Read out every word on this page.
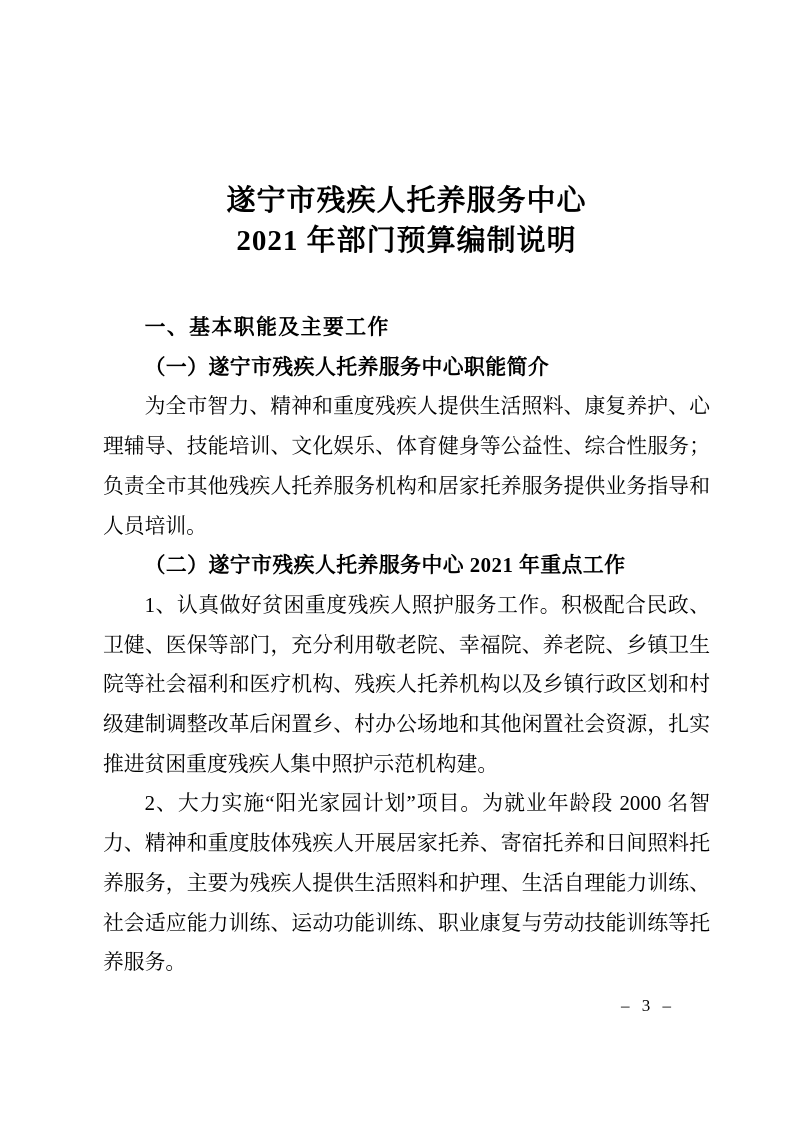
遂宁市残疾人托养服务中心
2021 年部门预算编制说明
一、基本职能及主要工作
（一）遂宁市残疾人托养服务中心职能简介

为全市智力、精神和重度残疾人提供生活照料、康复养护、心理辅导、技能培训、文化娱乐、体育健身等公益性、综合性服务；负责全市其他残疾人托养服务机构和居家托养服务提供业务指导和人员培训。

（二）遂宁市残疾人托养服务中心 2021 年重点工作

1、认真做好贫困重度残疾人照护服务工作。积极配合民政、卫健、医保等部门，充分利用敬老院、幸福院、养老院、乡镇卫生院等社会福利和医疗机构、残疾人托养机构以及乡镇行政区划和村级建制调整改革后闲置乡、村办公场地和其他闲置社会资源，扎实推进贫困重度残疾人集中照护示范机构建。

2、大力实施“阳光家园计划”项目。为就业年龄段 2000 名智力、精神和重度肢体残疾人开展居家托养、寄宿托养和日间照料托养服务，主要为残疾人提供生活照料和护理、生活自理能力训练、社会适应能力训练、运动功能训练、职业康复与劳动技能训练等托养服务。

– 3 –
